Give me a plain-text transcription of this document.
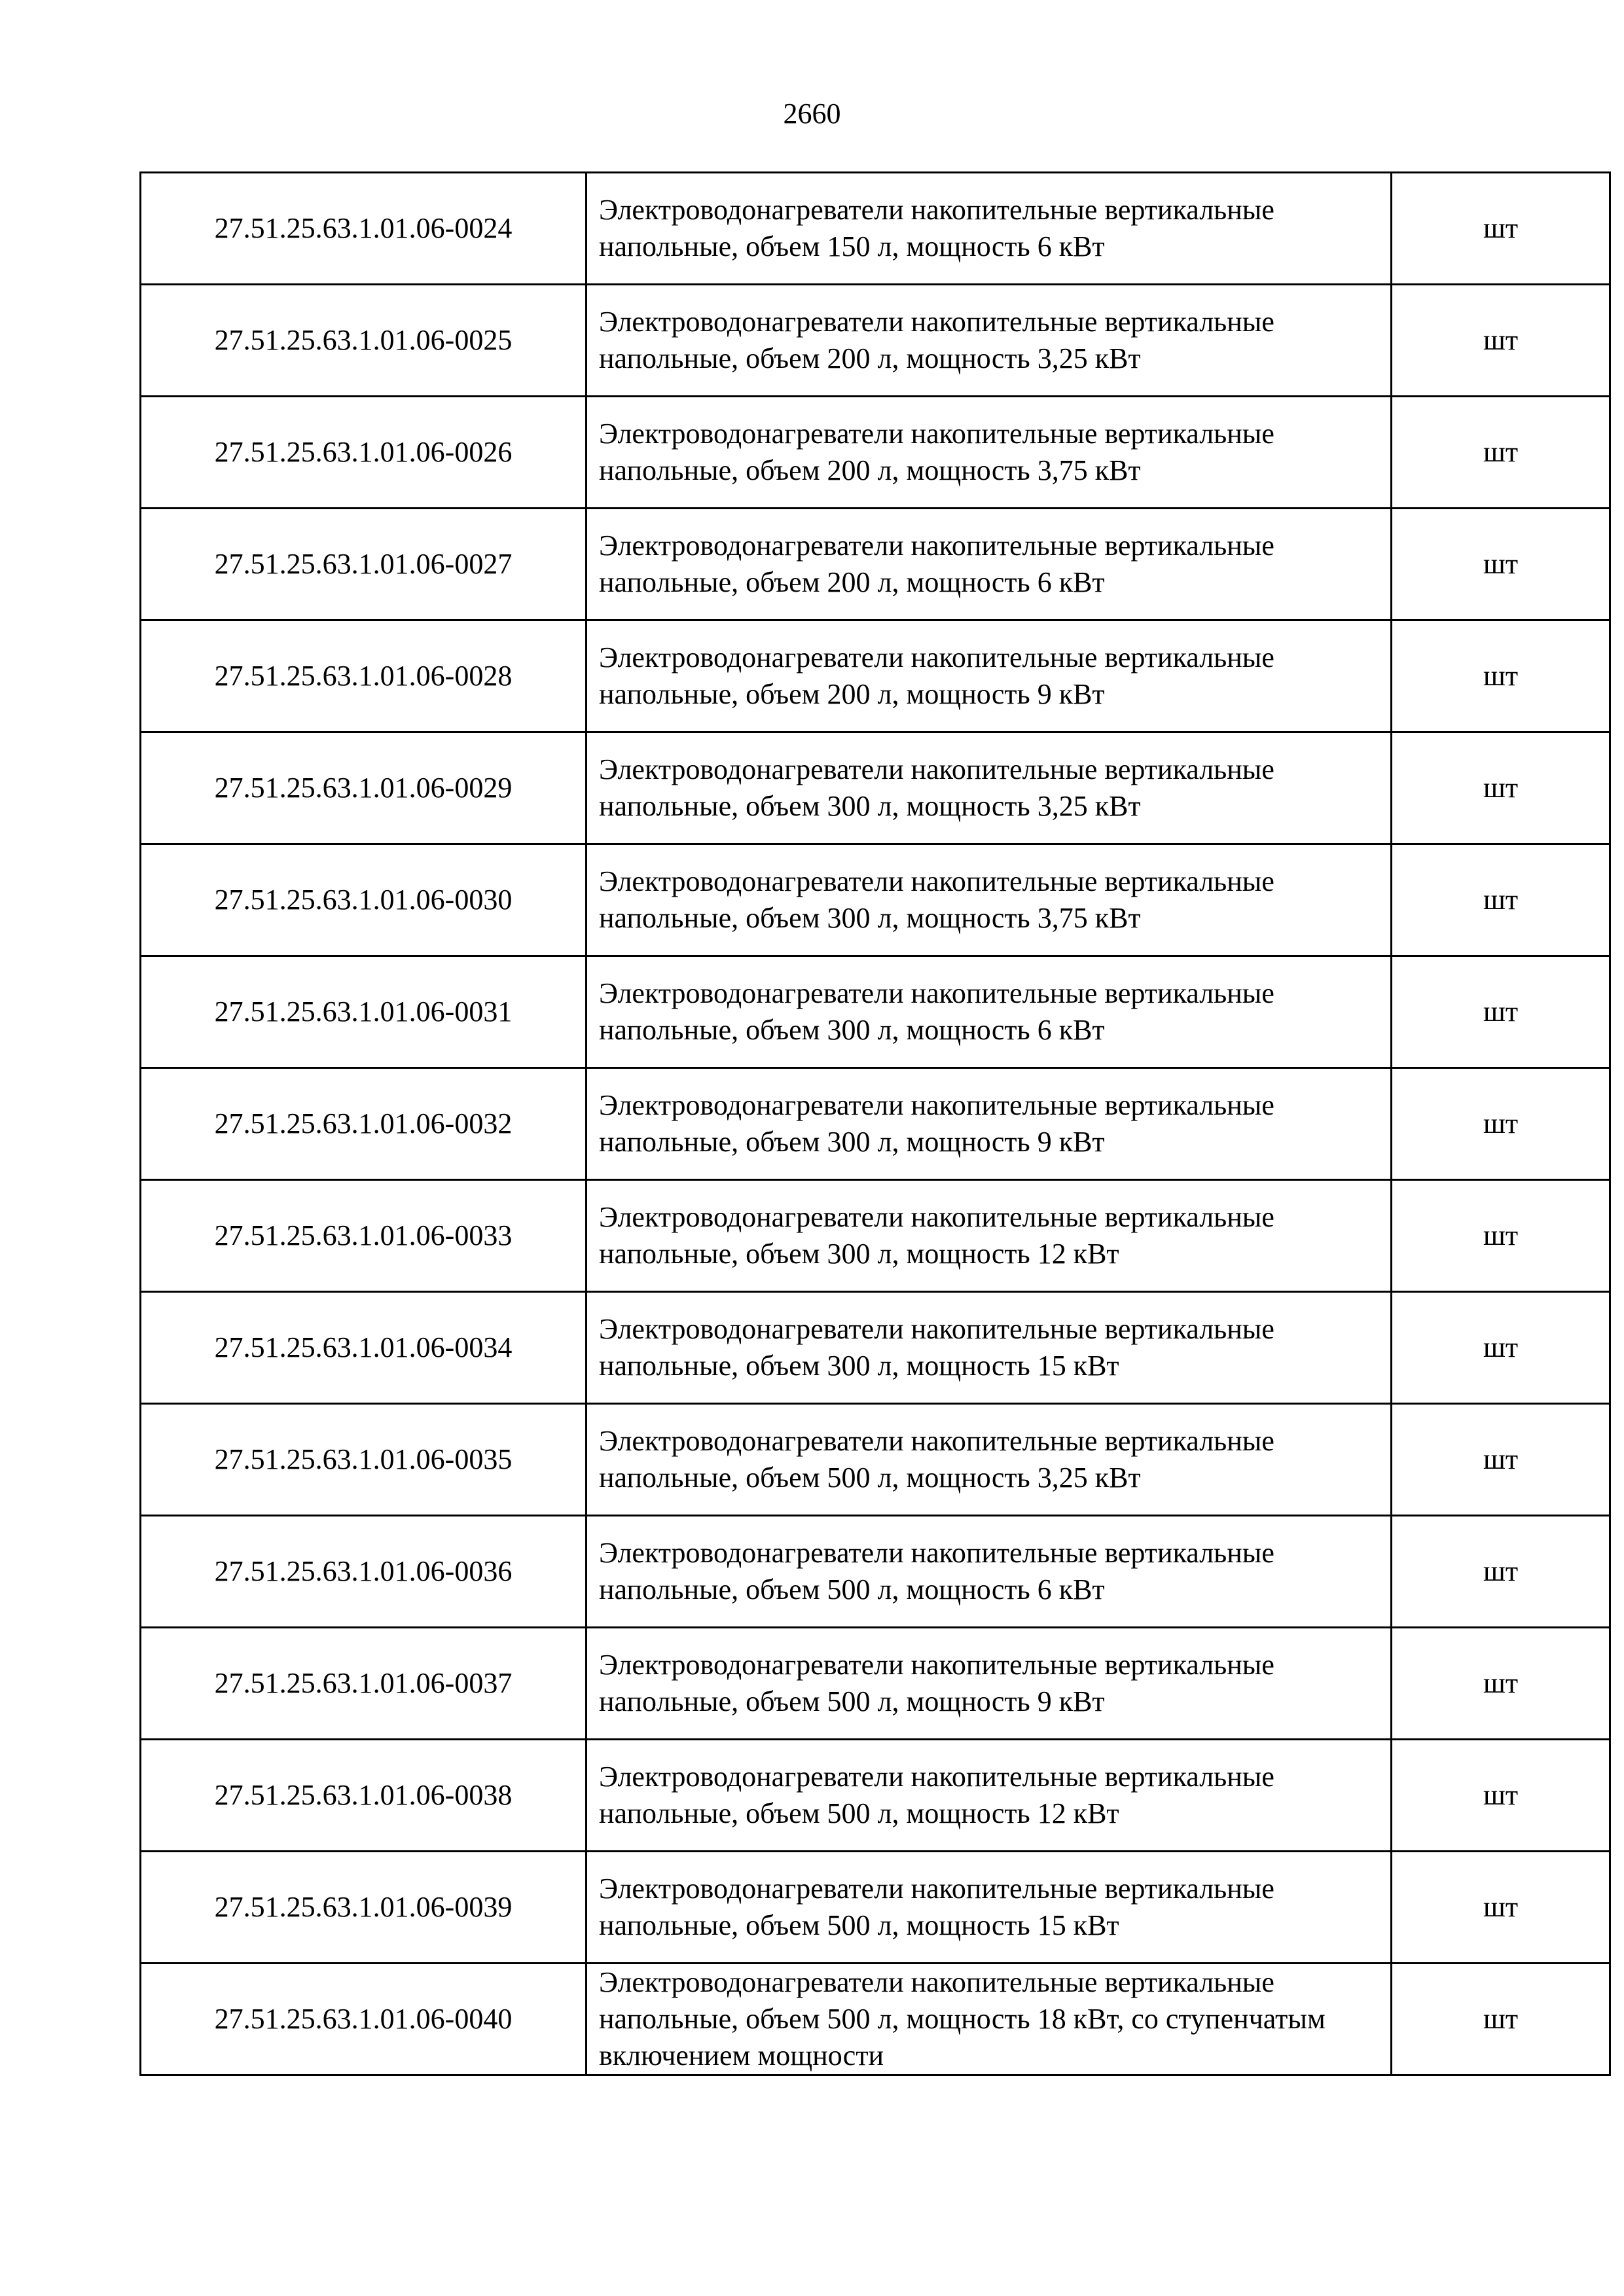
2660
27.51.25.63.1.01.06-0024	Электроводонагреватели накопительные вертикальные напольные, объем 150 л, мощность 6 кВт	шт
27.51.25.63.1.01.06-0025	Электроводонагреватели накопительные вертикальные напольные, объем 200 л, мощность 3,25 кВт	шт
27.51.25.63.1.01.06-0026	Электроводонагреватели накопительные вертикальные напольные, объем 200 л, мощность 3,75 кВт	шт
27.51.25.63.1.01.06-0027	Электроводонагреватели накопительные вертикальные напольные, объем 200 л, мощность 6 кВт	шт
27.51.25.63.1.01.06-0028	Электроводонагреватели накопительные вертикальные напольные, объем 200 л, мощность 9 кВт	шт
27.51.25.63.1.01.06-0029	Электроводонагреватели накопительные вертикальные напольные, объем 300 л, мощность 3,25 кВт	шт
27.51.25.63.1.01.06-0030	Электроводонагреватели накопительные вертикальные напольные, объем 300 л, мощность 3,75 кВт	шт
27.51.25.63.1.01.06-0031	Электроводонагреватели накопительные вертикальные напольные, объем 300 л, мощность 6 кВт	шт
27.51.25.63.1.01.06-0032	Электроводонагреватели накопительные вертикальные напольные, объем 300 л, мощность 9 кВт	шт
27.51.25.63.1.01.06-0033	Электроводонагреватели накопительные вертикальные напольные, объем 300 л, мощность 12 кВт	шт
27.51.25.63.1.01.06-0034	Электроводонагреватели накопительные вертикальные напольные, объем 300 л, мощность 15 кВт	шт
27.51.25.63.1.01.06-0035	Электроводонагреватели накопительные вертикальные напольные, объем 500 л, мощность 3,25 кВт	шт
27.51.25.63.1.01.06-0036	Электроводонагреватели накопительные вертикальные напольные, объем 500 л, мощность 6 кВт	шт
27.51.25.63.1.01.06-0037	Электроводонагреватели накопительные вертикальные напольные, объем 500 л, мощность 9 кВт	шт
27.51.25.63.1.01.06-0038	Электроводонагреватели накопительные вертикальные напольные, объем 500 л, мощность 12 кВт	шт
27.51.25.63.1.01.06-0039	Электроводонагреватели накопительные вертикальные напольные, объем 500 л, мощность 15 кВт	шт
27.51.25.63.1.01.06-0040	Электроводонагреватели накопительные вертикальные напольные, объем 500 л, мощность 18 кВт, со ступенчатым включением мощности	шт
